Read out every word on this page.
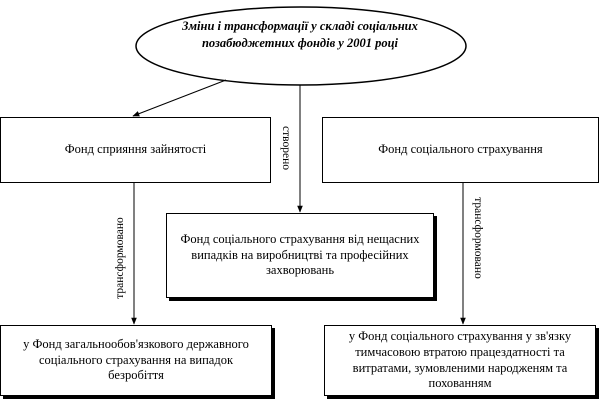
Зміни і трансформації у складі соціальних
позабюджетних фондів у 2001 році
Фонд сприяння зайнятості	Фонд соціального страхування
Фонд соціального страхування від нещасних випадків на виробництві та професійних захворювань
у Фонд загальнообов'язкового державного соціального страхування на випадок безробіття
у Фонд соціального страхування у зв'язку тимчасовою втратою працездатності та витратами, зумовленими народженям та похованням
створено
трансформовано	трансформовано
